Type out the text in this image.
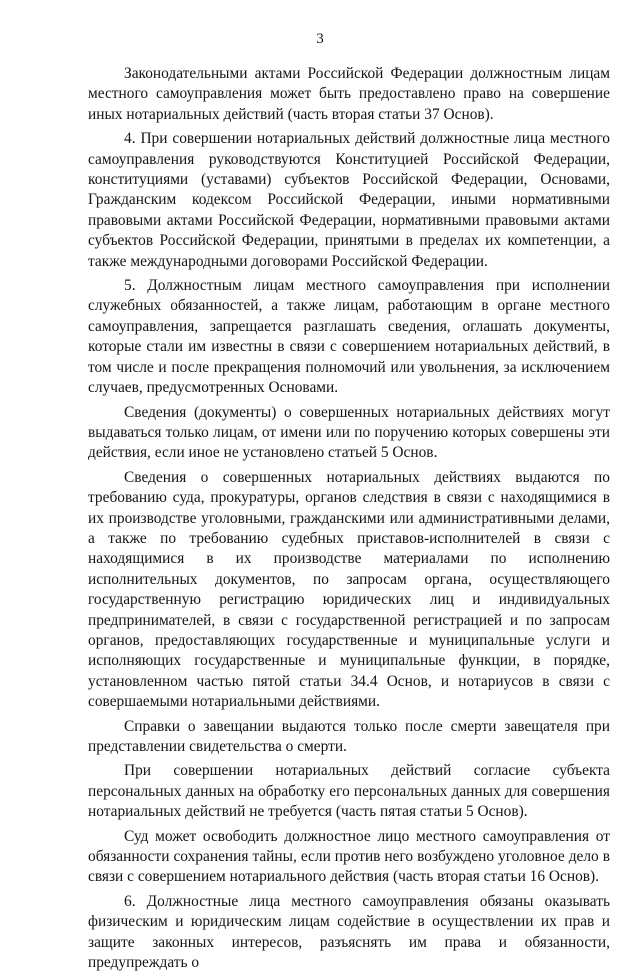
3

Законодательными актами Российской Федерации должностным лицам местного самоуправления может быть предоставлено право на совершение иных нотариальных действий (часть вторая статьи 37 Основ).

4. При совершении нотариальных действий должностные лица местного самоуправления руководствуются Конституцией Российской Федерации, конституциями (уставами) субъектов Российской Федерации, Основами, Гражданским кодексом Российской Федерации, иными нормативными правовыми актами Российской Федерации, нормативными правовыми актами субъектов Российской Федерации, принятыми в пределах их компетенции, а также международными договорами Российской Федерации.

5. Должностным лицам местного самоуправления при исполнении служебных обязанностей, а также лицам, работающим в органе местного самоуправления, запрещается разглашать сведения, оглашать документы, которые стали им известны в связи с совершением нотариальных действий, в том числе и после прекращения полномочий или увольнения, за исключением случаев, предусмотренных Основами.

Сведения (документы) о совершенных нотариальных действиях могут выдаваться только лицам, от имени или по поручению которых совершены эти действия, если иное не установлено статьей 5 Основ.

Сведения о совершенных нотариальных действиях выдаются по требованию суда, прокуратуры, органов следствия в связи с находящимися в их производстве уголовными, гражданскими или административными делами, а также по требованию судебных приставов-исполнителей в связи с находящимися в их производстве материалами по исполнению исполнительных документов, по запросам органа, осуществляющего государственную регистрацию юридических лиц и индивидуальных предпринимателей, в связи с государственной регистрацией и по запросам органов, предоставляющих государственные и муниципальные услуги и исполняющих государственные и муниципальные функции, в порядке, установленном частью пятой статьи 34.4 Основ, и нотариусов в связи с совершаемыми нотариальными действиями.

Справки о завещании выдаются только после смерти завещателя при представлении свидетельства о смерти.

При совершении нотариальных действий согласие субъекта персональных данных на обработку его персональных данных для совершения нотариальных действий не требуется (часть пятая статьи 5 Основ).

Суд может освободить должностное лицо местного самоуправления от обязанности сохранения тайны, если против него возбуждено уголовное дело в связи с совершением нотариального действия (часть вторая статьи 16 Основ).

6. Должностные лица местного самоуправления обязаны оказывать физическим и юридическим лицам содействие в осуществлении их прав и защите законных интересов, разъяснять им права и обязанности, предупреждать о
